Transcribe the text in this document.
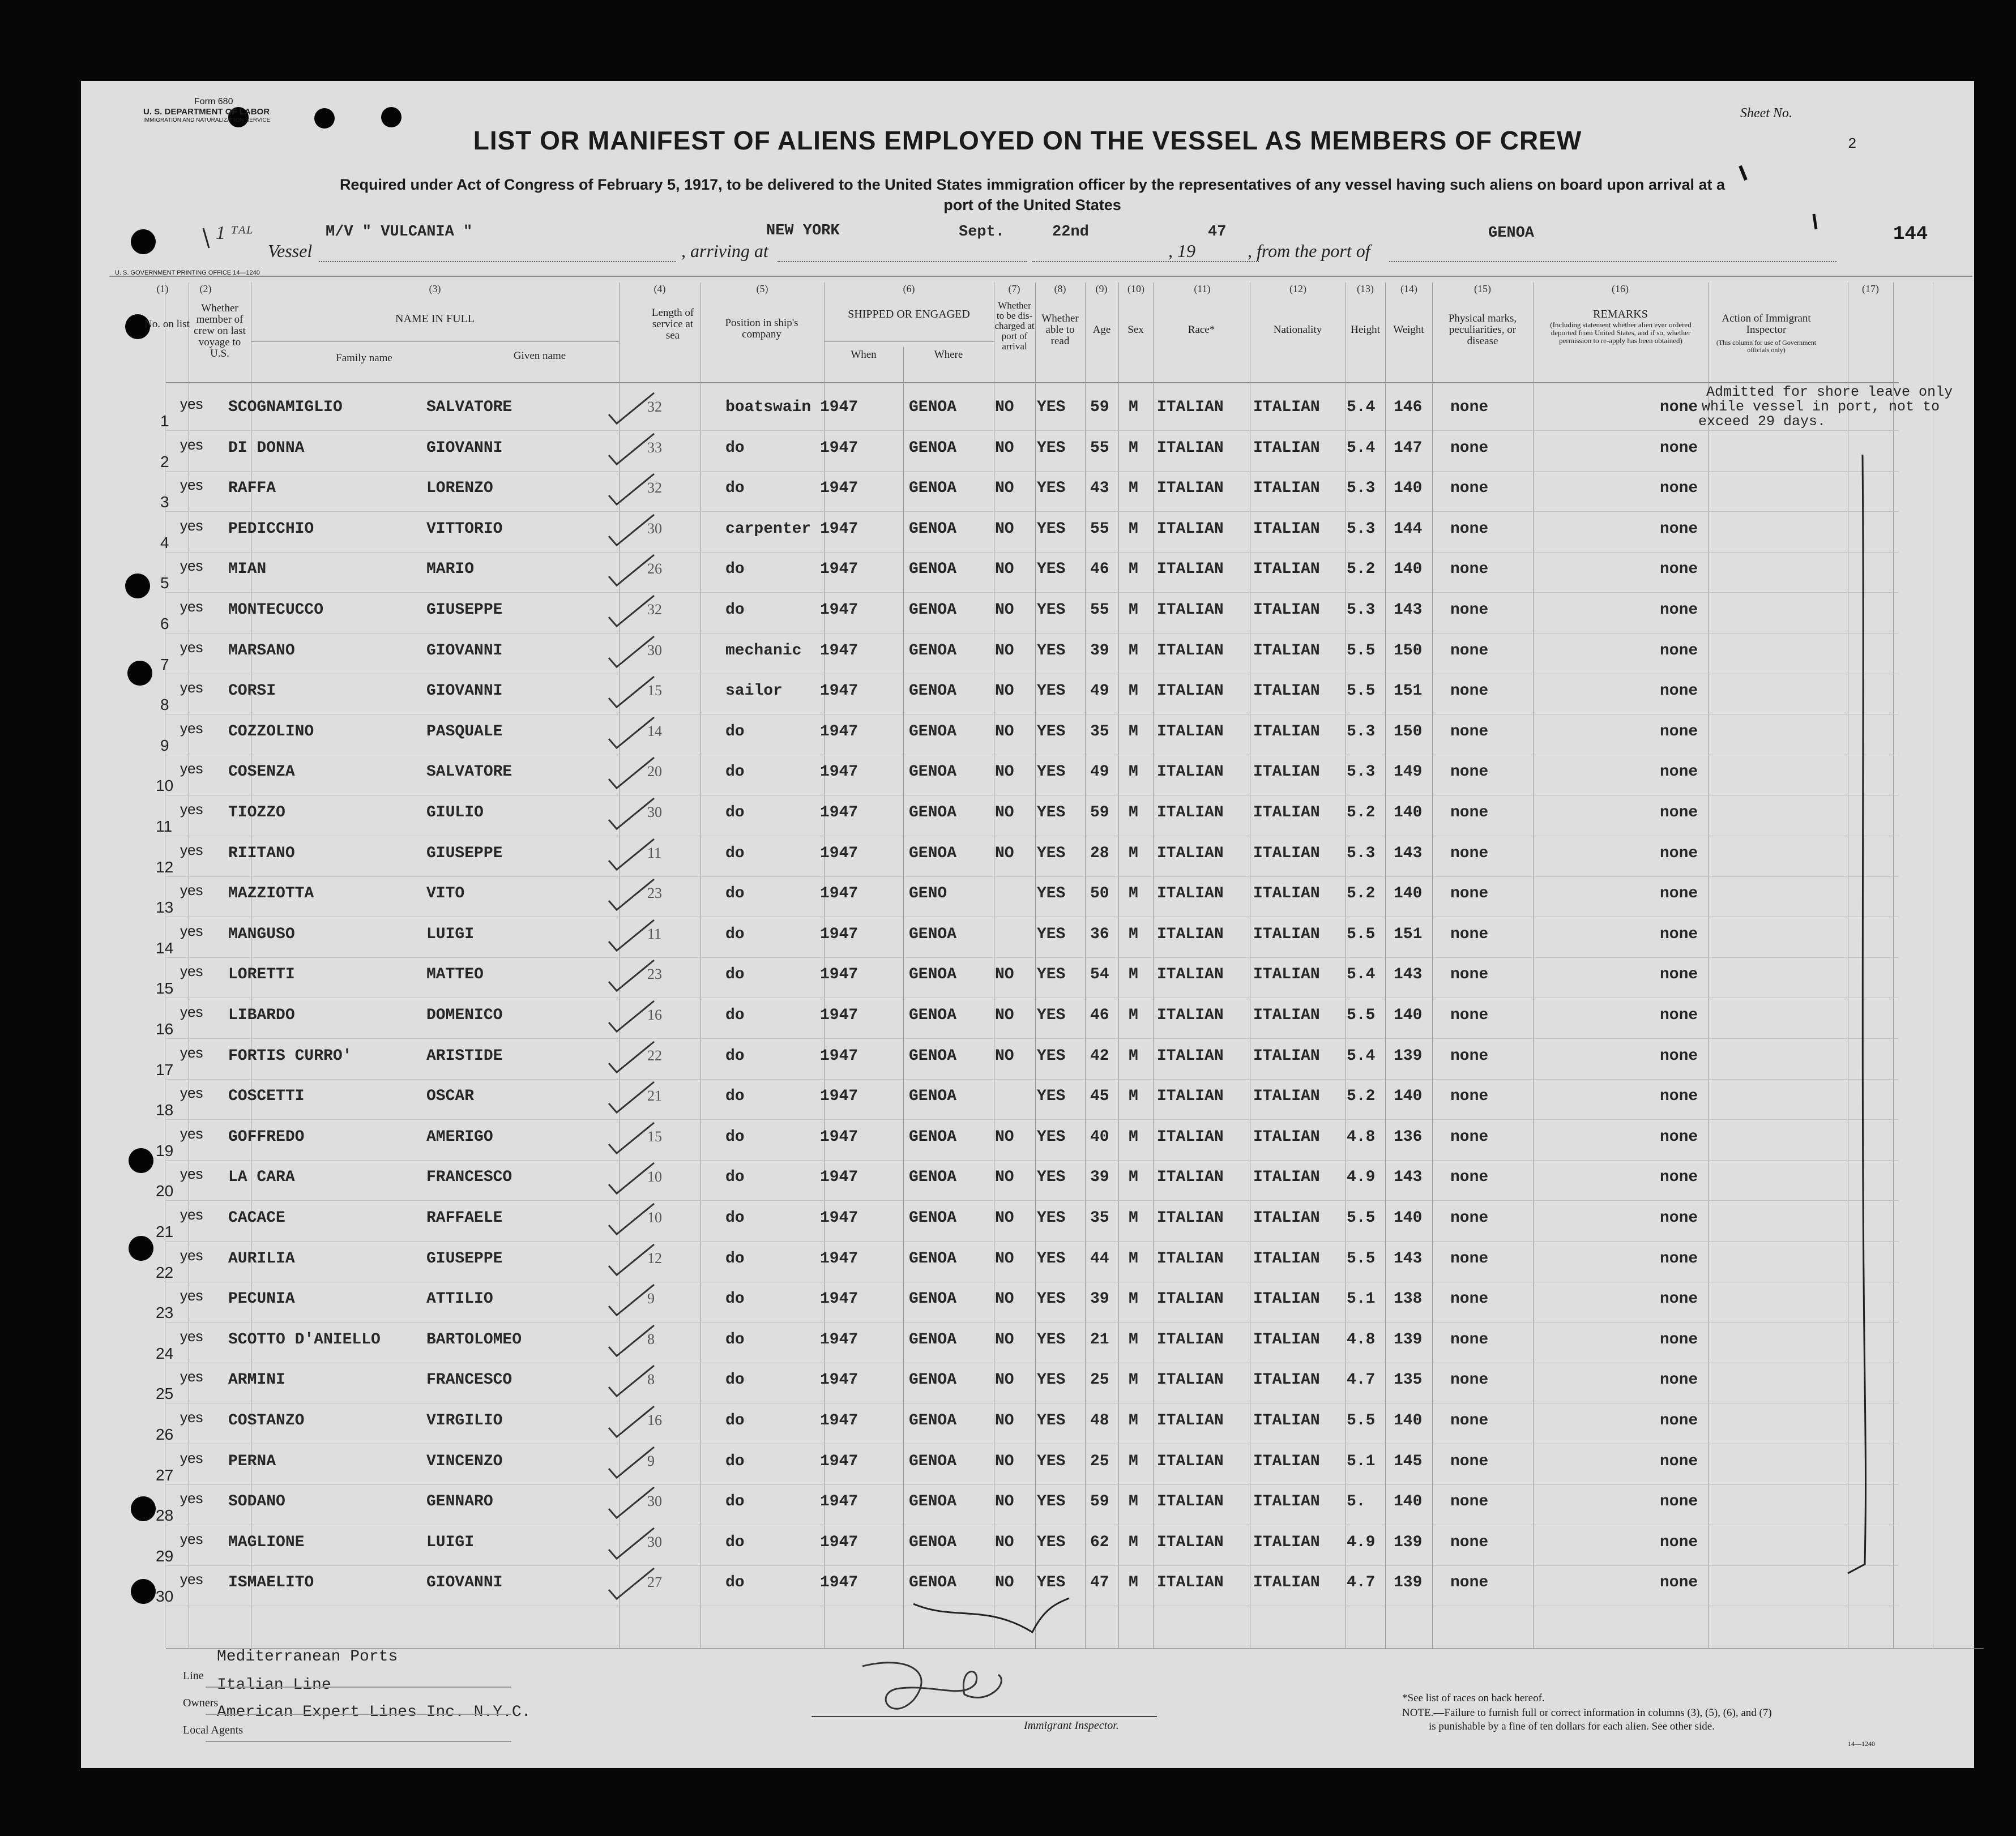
Form 680
U. S. DEPARTMENT OF LABOR
IMMIGRATION AND NATURALIZATION SERVICE	Sheet No.
2
LIST OR MANIFEST OF ALIENS EMPLOYED ON THE VESSEL AS MEMBERS OF CREW
Required under Act of Congress of February 5, 1917, to be delivered to the United States immigration officer by the representatives of any vessel having such aliens on board upon arrival at a
port of the United States
1 ᵀᴬᴸ
Vessel
M/V " VULCANIA "
, arriving at
NEW YORK	Sept.	22nd
, 19
47
, from the port of
GENOA	144
U. S. GOVERNMENT PRINTING OFFICE 14—1240
(1)	(2)	(3)	(4)	(5)	(6)	(7)	(8)	(9)	(10)	(11)	(12)	(13)	(14)	(15)	(16)	(17)
No. on list
Whether member of crew on last voyage to U.S.
NAME IN FULL
Family name	Given name
Length of service at sea
Position in ship's company
SHIPPED OR ENGAGED
When	Where
Whether to be dis-charged at port of arrival
Whether able to read
Age	Sex	Race*	Nationality	Height	Weight
Physical marks, peculiarities, or disease
REMARKS
(Including statement whether alien ever ordered deported from United States, and if so, whether permission to re-apply has been obtained)
Action of Immigrant Inspector
(This column for use of Government officials only)
1
yes SCOGNAMIGLIO	SALVATORE	32	boatswain 1947	GENOA NO YES 59 M ITALIAN ITALIAN 5.4 146 none	none
2
yes DI DONNA	GIOVANNI	33	do	1947	GENOA NO YES 55 M ITALIAN ITALIAN 5.4 147 none	none
3
yes RAFFA	LORENZO	32	do	1947	GENOA NO YES 43 M ITALIAN ITALIAN 5.3 140 none	none
4
yes PEDICCHIO	VITTORIO	30	carpenter 1947	GENOA NO YES 55 M ITALIAN ITALIAN 5.3 144 none	none
5
yes MIAN	MARIO	26	do	1947	GENOA NO YES 46 M ITALIAN ITALIAN 5.2 140 none	none
6
yes MONTECUCCO	GIUSEPPE	32	do	1947	GENOA NO YES 55 M ITALIAN ITALIAN 5.3 143 none	none
7
yes MARSANO	GIOVANNI	30	mechanic 1947	GENOA NO YES 39 M ITALIAN ITALIAN 5.5 150 none	none
8
yes CORSI	GIOVANNI	15	sailor 1947	GENOA NO YES 49 M ITALIAN ITALIAN 5.5 151 none	none
9
yes COZZOLINO	PASQUALE	14	do	1947	GENOA NO YES 35 M ITALIAN ITALIAN 5.3 150 none	none
10
yes COSENZA	SALVATORE	20	do	1947	GENOA NO YES 49 M ITALIAN ITALIAN 5.3 149 none	none
11
yes TIOZZO	GIULIO	30	do	1947	GENOA NO YES 59 M ITALIAN ITALIAN 5.2 140 none	none
12
yes RIITANO	GIUSEPPE	11	do	1947	GENOA NO YES 28 M ITALIAN ITALIAN 5.3 143 none	none
13
yes MAZZIOTTA	VITO	23	do	1947	GENO	YES 50 M ITALIAN ITALIAN 5.2 140 none	none
14
yes MANGUSO	LUIGI	11	do	1947	GENOA	YES 36 M ITALIAN ITALIAN 5.5 151 none	none
15
yes LORETTI	MATTEO	23	do	1947	GENOA NO YES 54 M ITALIAN ITALIAN 5.4 143 none	none
16
yes LIBARDO	DOMENICO	16	do	1947	GENOA NO YES 46 M ITALIAN ITALIAN 5.5 140 none	none
17
yes FORTIS CURRO'	ARISTIDE	22	do	1947	GENOA NO YES 42 M ITALIAN ITALIAN 5.4 139 none	none
18
yes COSCETTI	OSCAR	21	do	1947	GENOA	YES 45 M ITALIAN ITALIAN 5.2 140 none	none
19
yes GOFFREDO	AMERIGO	15	do	1947	GENOA NO YES 40 M ITALIAN ITALIAN 4.8 136 none	none
20
yes LA CARA	FRANCESCO	10	do	1947	GENOA NO YES 39 M ITALIAN ITALIAN 4.9 143 none	none
21
yes CACACE	RAFFAELE	10	do	1947	GENOA NO YES 35 M ITALIAN ITALIAN 5.5 140 none	none
22
yes AURILIA	GIUSEPPE	12	do	1947	GENOA NO YES 44 M ITALIAN ITALIAN 5.5 143 none	none
23
yes PECUNIA	ATTILIO	9	do	1947	GENOA NO YES 39 M ITALIAN ITALIAN 5.1 138 none	none
24
yes SCOTTO D'ANIELLO	BARTOLOMEO	8	do	1947	GENOA NO YES 21 M ITALIAN ITALIAN 4.8 139 none	none
25
yes ARMINI	FRANCESCO	8	do	1947	GENOA NO YES 25 M ITALIAN ITALIAN 4.7 135 none	none
26
yes COSTANZO	VIRGILIO	16	do	1947	GENOA NO YES 48 M ITALIAN ITALIAN 5.5 140 none	none
27
yes PERNA	VINCENZO	9	do	1947	GENOA NO YES 25 M ITALIAN ITALIAN 5.1 145 none	none
28
yes SODANO	GENNARO	30	do	1947	GENOA NO YES 59 M ITALIAN ITALIAN 5. 140 none	none
29
yes MAGLIONE	LUIGI	30	do	1947	GENOA NO YES 62 M ITALIAN ITALIAN 4.9 139 none	none
30
yes ISMAELITO	GIOVANNI	27	do	1947	GENOA NO YES 47 M ITALIAN ITALIAN 4.7 139 none	none
Admitted for shore leave only
while vessel in port, not to
exceed 29 days.
Mediterranean Ports
Line
Italian Line
Owners
American Expert Lines Inc. N.Y.C.
Local Agents	Immigrant Inspector.
*See list of races on back hereof.
NOTE.—Failure to furnish full or correct information in columns (3), (5), (6), and (7)
is punishable by a fine of ten dollars for each alien. See other side.
14—1240
